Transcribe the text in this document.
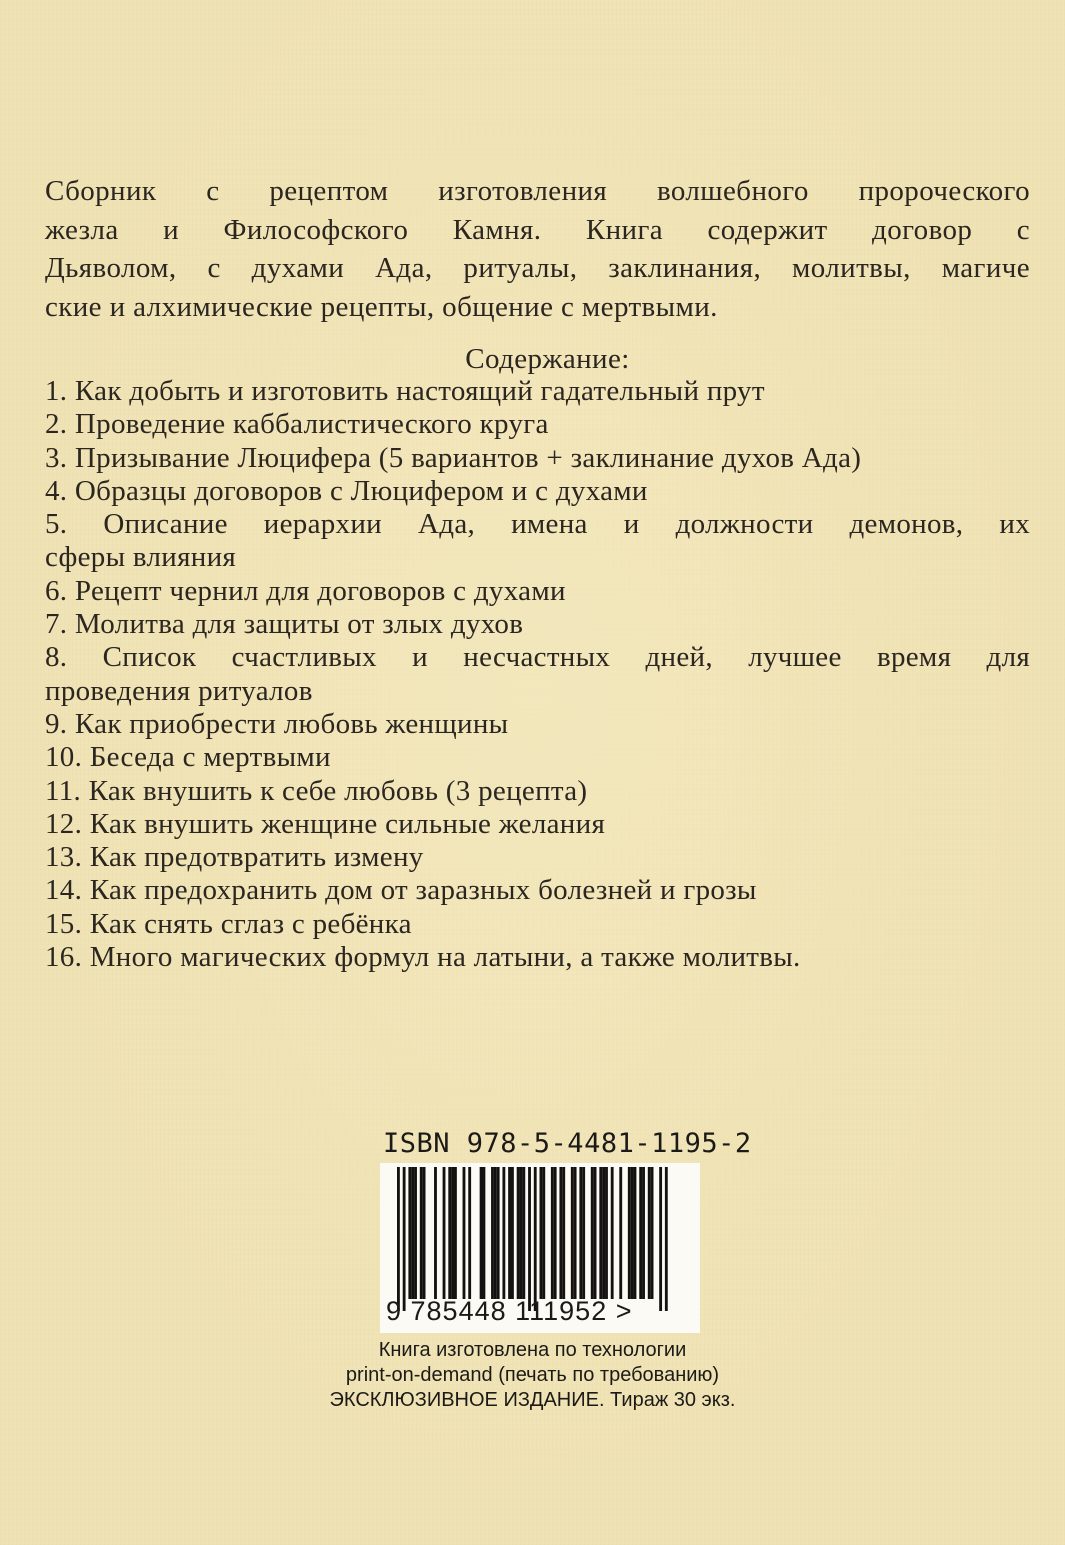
Сборник с рецептом изготовления волшебного пророческого
жезла и Философского Камня. Книга содержит договор с
Дьяволом, с духами Ада, ритуалы, заклинания, молитвы, магиче
ские и алхимические рецепты, общение с мертвыми.
Содержание:
1. Как добыть и изготовить настоящий гадательный прут
2. Проведение каббалистического круга
3. Призывание Люцифера (5 вариантов + заклинание духов Ада)
4. Образцы договоров с Люцифером и с духами
5. Описание иерархии Ада, имена и должности демонов, их
сферы влияния
6. Рецепт чернил для договоров с духами
7. Молитва для защиты от злых духов
8. Список счастливых и несчастных дней, лучшее время для
проведения ритуалов
9. Как приобрести любовь женщины
10. Беседа с мертвыми
11. Как внушить к себе любовь (3 рецепта)
12. Как внушить женщине сильные желания
13. Как предотвратить измену
14. Как предохранить дом от заразных болезней и грозы
15. Как снять сглаз с ребёнка
16. Много магических формул на латыни, а также молитвы.
ISBN 978-5-4481-1195-2
9 785448 111952 >
Книга изготовлена по технологии
print-on-demand (печать по требованию)
ЭКСКЛЮЗИВНОЕ ИЗДАНИЕ. Тираж 30 экз.
